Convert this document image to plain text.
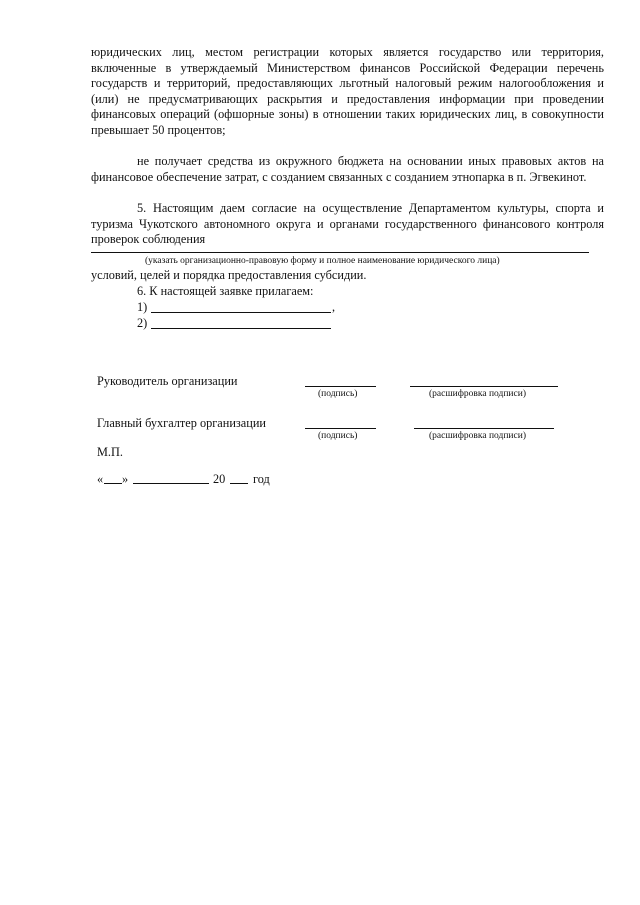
юридических лиц, местом регистрации которых является государство или территория, включенные в утверждаемый Министерством финансов Российской Федерации перечень государств и территорий, предоставляющих льготный налоговый режим налогообложения и (или) не предусматривающих раскрытия и предоставления информации при проведении финансовых операций (офшорные зоны) в отношении таких юридических лиц, в совокупности превышает 50 процентов;

не получает средства из окружного бюджета на основании иных правовых актов на финансовое обеспечение затрат, с созданием связанных с созданием этнопарка в п. Эгвекинот.

5. Настоящим даем согласие на осуществление Департаментом культуры, спорта и туризма Чукотского автономного округа и органами государственного финансового контроля проверок соблюдения

(указать организационно-правовую форму и полное наименование юридического лица)
условий, целей и порядка предоставления субсидии.
6. К настоящей заявке прилагаем:
1)	,
2)
Руководитель организации
(подпись)	(расшифровка подписи)
Главный бухгалтер организации
(подпись)	(расшифровка подписи)
М.П.
« »	20 год
